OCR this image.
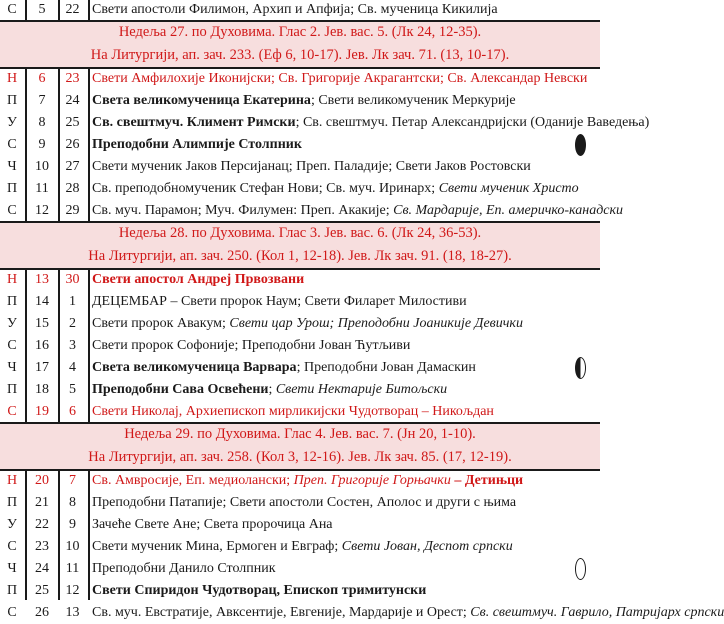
С	5	22 Свети апостоли Филимон, Архип и Апфија; Св. мученица Кикилија
Недеља 27. по Духовима. Глас 2. Јев. вас. 5. (Лк 24, 12-35).
На Литургији, ап. зач. 233. (Еф 6, 10-17). Јев. Лк зач. 71. (13, 10-17).
Н	6	23 Свети Амфилохије Иконијски; Св. Григорије Акрагантски; Св. Александар Невски
П	7	24 Света великомученица Екатерина; Свети великомученик Меркурије
У	8	25 Св. свештмуч. Климент Римски; Св. свештмуч. Петар Александријски (Оданије Ваведења)
С	9	26 Преподобни Алимпије Столпник
Ч	10	27 Свети мученик Јаков Персијанац; Преп. Паладије; Свети Јаков Ростовски
П	11	28 Св. преподобномученик Стефан Нови; Св. муч. Иринарх; Свети мученик Христо
С	12	29 Св. муч. Парамон; Муч. Филумен: Преп. Акакије; Св. Мардарије, Еп. америчко-канадски
Недеља 28. по Духовима. Глас 3. Јев. вас. 6. (Лк 24, 36-53).
На Литургији, ап. зач. 250. (Кол 1, 12-18). Јев. Лк зач. 91. (18, 18-27).
Н	13	30 Свети апостол Андреј Првозвани
П	14	1	ДЕЦЕМБАР – Свети пророк Наум; Свети Филарет Милостиви
У	15	2	Свети пророк Авакум; Свети цар Урош; Преподобни Јоаникије Девички
С	16	3	Свети пророк Софоније; Преподобни Јован Ћутљиви
Ч	17	4	Света великомученица Варвара; Преподобни Јован Дамаскин
П	18	5	Преподобни Сава Освећени; Свети Нектарије Битољски
С	19	6	Свети Николај, Архиепископ мирликијски Чудотворац – Никољдан
Недеља 29. по Духовима. Глас 4. Јев. вас. 7. (Јн 20, 1-10).
На Литургији, ап. зач. 258. (Кол 3, 12-16). Јев. Лк зач. 85. (17, 12-19).
Н	20	7	Св. Амвросије, Еп. медиолански; Преп. Григорије Горњачки – Детињци
П	21	8	Преподобни Патапије; Свети апостоли Состен, Аполос и други с њима
У	22	9	Зачеће Свете Ане; Света пророчица Ана
С	23	10 Свети мученик Мина, Ермоген и Евграф; Свети Јован, Деспот српски
Ч	24	11 Преподобни Данило Столпник
П	25	12 Свети Спиридон Чудотворац, Епископ тримитунски
С	26	13 Св. муч. Евстратије, Авксентије, Евгеније, Мардарије и Орест; Св. свештмуч. Гаврило, Патријарх српски
